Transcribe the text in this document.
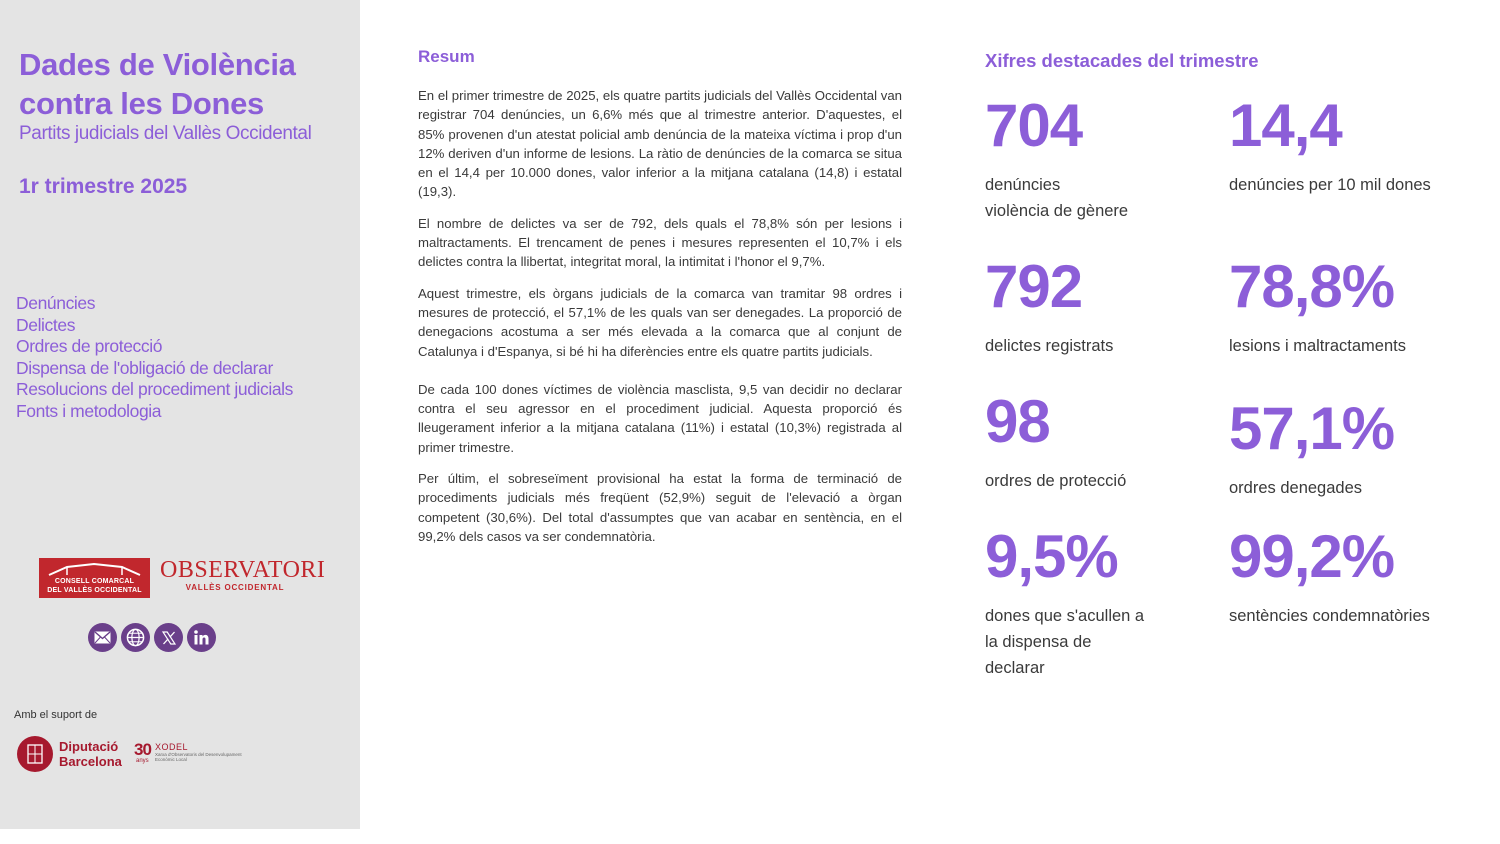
Dades de Violència contra les Dones
Partits judicials del Vallès Occidental
1r trimestre 2025
Denúncies
Delictes
Ordres de protecció
Dispensa de l'obligació de declarar
Resolucions del procediment judicials
Fonts i metodologia
CONSELL COMARCAL
DEL VALLÈS OCCIDENTAL
OBSERVATORI
VALLÈS OCCIDENTAL
Amb el suport de
Diputació
Barcelona
30
anys
XODEL
Xarxa d'Observatoris del Desenvolupament Econòmic Local
Resum

En el primer trimestre de 2025, els quatre partits judicials del Vallès Occidental van registrar 704 denúncies, un 6,6% més que al trimestre anterior. D'aquestes, el 85% provenen d'un atestat policial amb denúncia de la mateixa víctima i prop d'un 12% deriven d'un informe de lesions. La ràtio de denúncies de la comarca se situa en el 14,4 per 10.000 dones, valor inferior a la mitjana catalana (14,8) i estatal (19,3).

El nombre de delictes va ser de 792, dels quals el 78,8% són per lesions i maltractaments. El trencament de penes i mesures representen el 10,7% i els delictes contra la llibertat, integritat moral, la intimitat i l'honor el 9,7%.

Aquest trimestre, els òrgans judicials de la comarca van tramitar 98 ordres i mesures de protecció, el 57,1% de les quals van ser denegades. La proporció de denegacions acostuma a ser més elevada a la comarca que al conjunt de Catalunya i d'Espanya, si bé hi ha diferències entre els quatre partits judicials.

De cada 100 dones víctimes de violència masclista, 9,5 van decidir no declarar contra el seu agressor en el procediment judicial. Aquesta proporció és lleugerament inferior a la mitjana catalana (11%) i estatal (10,3%) registrada al primer trimestre.

Per últim, el sobreseïment provisional ha estat la forma de terminació de procediments judicials més freqüent (52,9%) seguit de l'elevació a òrgan competent (30,6%). Del total d'assumptes que van acabar en sentència, en el 99,2% dels casos va ser condemnatòria.

Xifres destacades del trimestre
704
denúncies
violència de gènere
14,4
denúncies per 10 mil dones
792
delictes registrats
78,8%
lesions i maltractaments
98
ordres de protecció
57,1%
ordres denegades
9,5%
dones que s'acullen a
la dispensa de
declarar
99,2%
sentències condemnatòries
